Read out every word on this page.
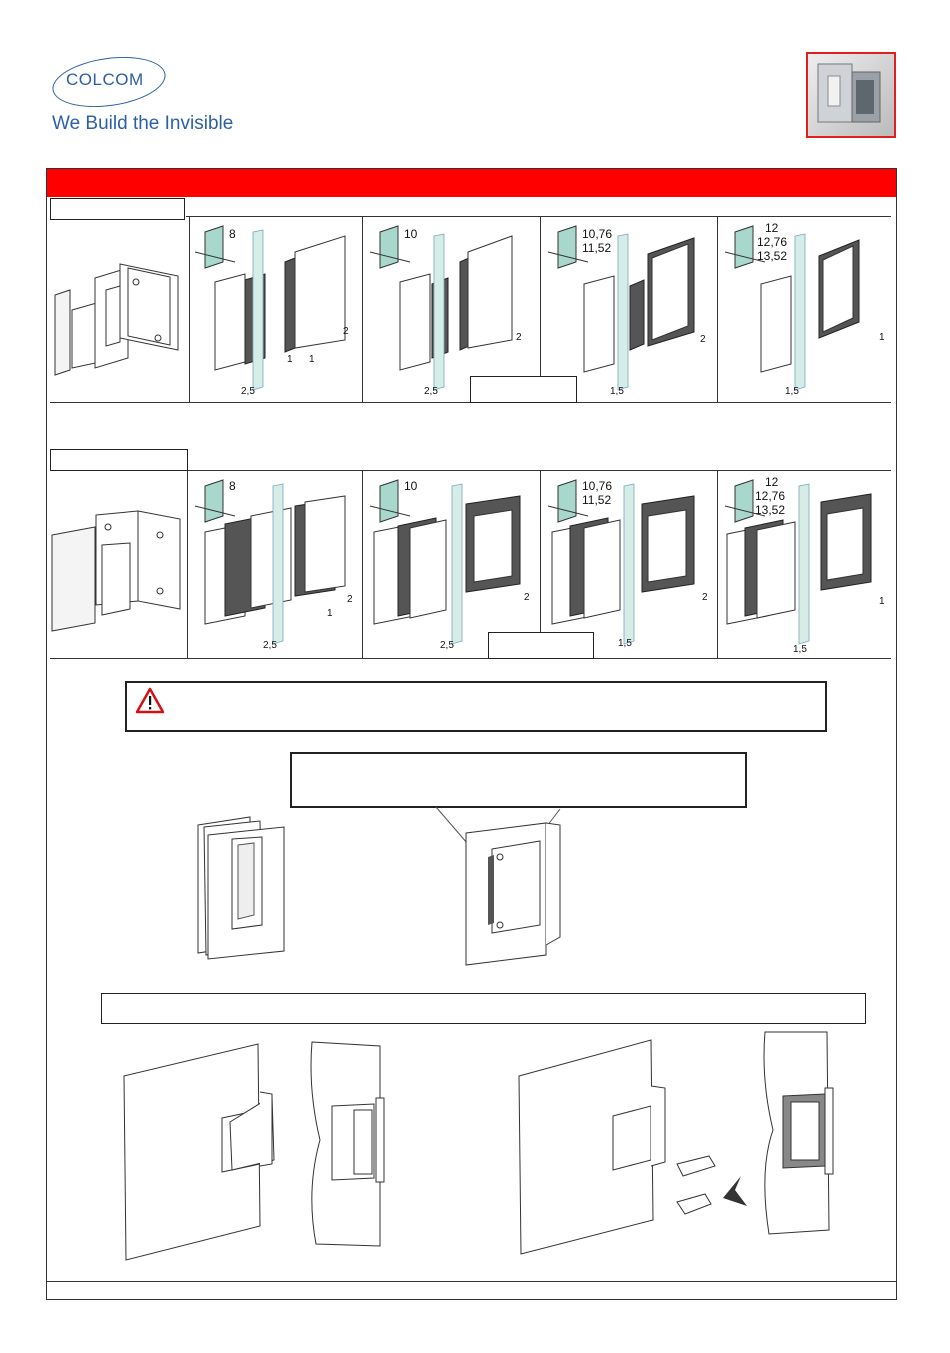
COLCOM
We Build the Invisible
8
2
1 1
2,5
10
2
2,5
10,76
11,52
2
1,5
12
12,76
13,52
1
1,5
8
2
1
2,5
10
2
2,5
10,76
11,52
2
1,5
12
12,76
13,52
1
1,5
